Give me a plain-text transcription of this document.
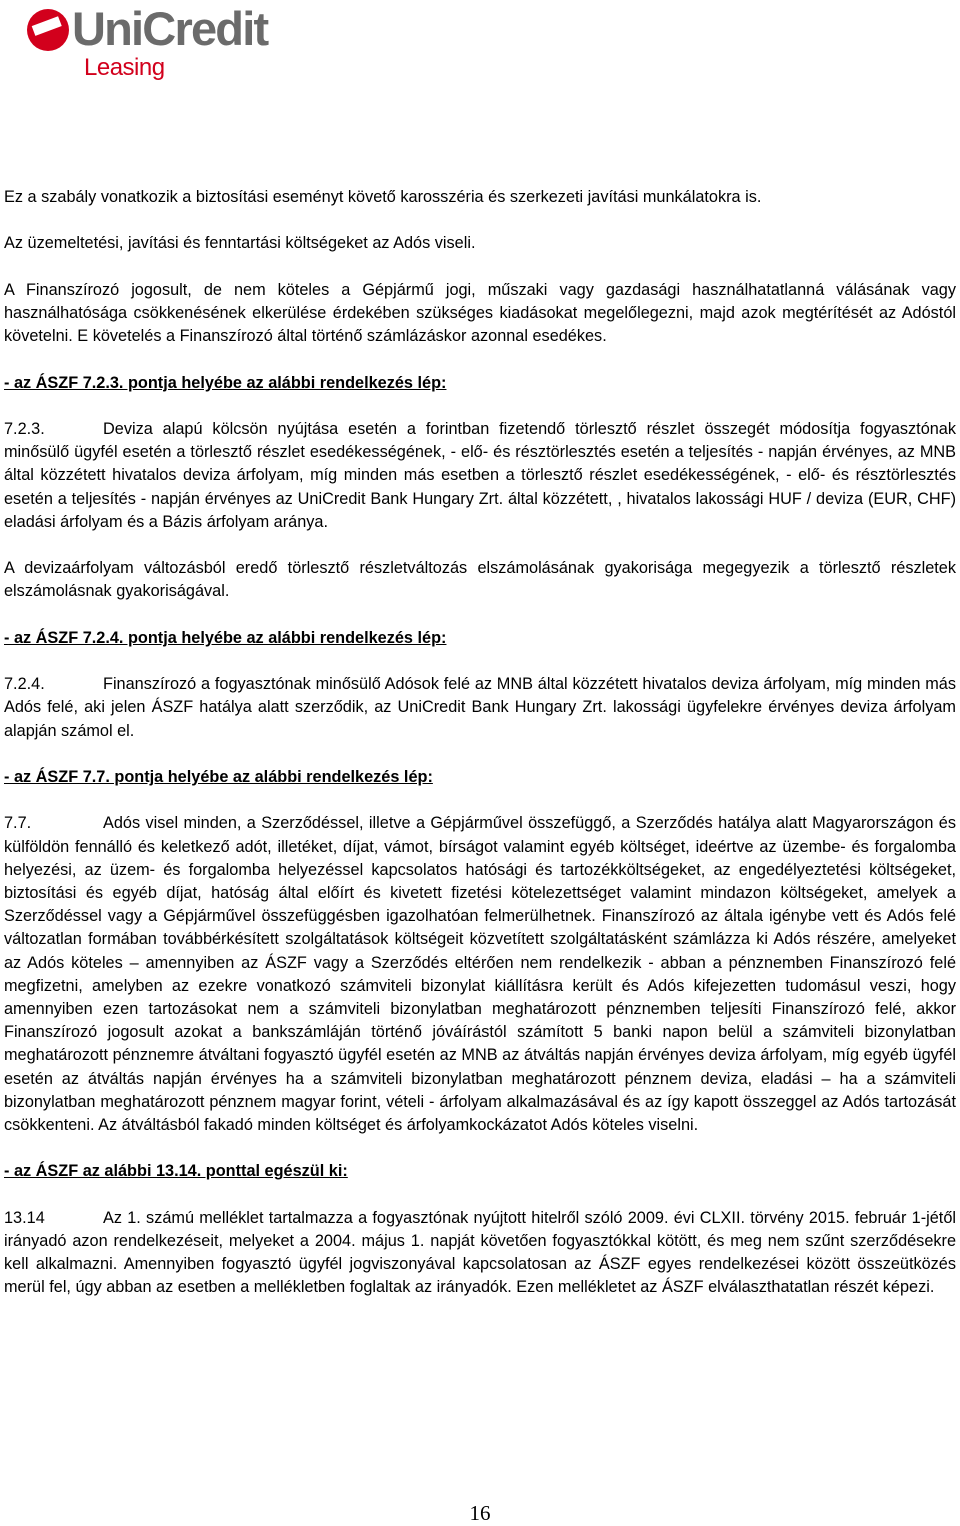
UniCredit
Leasing

Ez a szabály vonatkozik a biztosítási eseményt követő karosszéria és szerkezeti javítási munkálatokra is.

Az üzemeltetési, javítási és fenntartási költségeket az Adós viseli.

A Finanszírozó jogosult, de nem köteles a Gépjármű jogi, műszaki vagy gazdasági használhatatlanná válásának vagy használhatósága csökkenésének elkerülése érdekében szükséges kiadásokat megelőlegezni, majd azok megtérítését az Adóstól követelni. E követelés a Finanszírozó által történő számlázáskor azonnal esedékes.

- az ÁSZF 7.2.3. pontja helyébe az alábbi rendelkezés lép:

7.2.3.	Deviza alapú kölcsön nyújtása esetén a forintban fizetendő törlesztő részlet összegét módosítja fogyasztónak minősülő ügyfél esetén a törlesztő részlet esedékességének, - elő- és résztörlesztés esetén a teljesítés - napján érvényes, az MNB által közzétett hivatalos deviza árfolyam, míg minden más esetben a törlesztő részlet esedékességének, - elő- és résztörlesztés esetén a teljesítés - napján érvényes az UniCredit Bank Hungary Zrt. által közzétett, , hivatalos lakossági HUF / deviza (EUR, CHF) eladási árfolyam és a Bázis árfolyam aránya.

A devizaárfolyam változásból eredő törlesztő részletváltozás elszámolásának gyakorisága megegyezik a törlesztő részletek elszámolásnak gyakoriságával.

- az ÁSZF 7.2.4. pontja helyébe az alábbi rendelkezés lép:

7.2.4.	Finanszírozó a fogyasztónak minősülő Adósok felé az MNB által közzétett hivatalos deviza árfolyam, míg minden más Adós felé, aki jelen ÁSZF hatálya alatt szerződik, az UniCredit Bank Hungary Zrt. lakossági ügyfelekre érvényes deviza árfolyam alapján számol el.

- az ÁSZF 7.7. pontja helyébe az alábbi rendelkezés lép:

7.7.	Adós visel minden, a Szerződéssel, illetve a Gépjárművel összefüggő, a Szerződés hatálya alatt Magyarországon és külföldön fennálló és keletkező adót, illetéket, díjat, vámot, bírságot valamint egyéb költséget, ideértve az üzembe- és forgalomba helyezési, az üzem- és forgalomba helyezéssel kapcsolatos hatósági és tartozékköltségeket, az engedélyeztetési költségeket, biztosítási és egyéb díjat, hatóság által előírt és kivetett fizetési kötelezettséget valamint mindazon költségeket, amelyek a Szerződéssel vagy a Gépjárművel összefüggésben igazolhatóan felmerülhetnek. Finanszírozó az általa igénybe vett és Adós felé változatlan formában továbbérkésített szolgáltatások költségeit közvetített szolgáltatásként számlázza ki Adós részére, amelyeket az Adós köteles – amennyiben az ÁSZF vagy a Szerződés eltérően nem rendelkezik - abban a pénznemben Finanszírozó felé megfizetni, amelyben az ezekre vonatkozó számviteli bizonylat kiállításra került és Adós kifejezetten tudomásul veszi, hogy amennyiben ezen tartozásokat nem a számviteli bizonylatban meghatározott pénznemben teljesíti Finanszírozó felé, akkor Finanszírozó jogosult azokat a bankszámláján történő jóváírástól számított 5 banki napon belül a számviteli bizonylatban meghatározott pénznemre átváltani fogyasztó ügyfél esetén az MNB az átváltás napján érvényes deviza árfolyam, míg egyéb ügyfél esetén az átváltás napján érvényes ha a számviteli bizonylatban meghatározott pénznem deviza, eladási – ha a számviteli bizonylatban meghatározott pénznem magyar forint, vételi - árfolyam alkalmazásával és az így kapott összeggel az Adós tartozását csökkenteni. Az átváltásból fakadó minden költséget és árfolyamkockázatot Adós köteles viselni.

- az ÁSZF az alábbi 13.14. ponttal egészül ki:

13.14	Az 1. számú melléklet tartalmazza a fogyasztónak nyújtott hitelről szóló 2009. évi CLXII. törvény 2015. február 1-jétől irányadó azon rendelkezéseit, melyeket a 2004. május 1. napját követően fogyasztókkal kötött, és meg nem szűnt szerződésekre kell alkalmazni. Amennyiben fogyasztó ügyfél jogviszonyával kapcsolatosan az ÁSZF egyes rendelkezései között összeütközés merül fel, úgy abban az esetben a mellékletben foglaltak az irányadók. Ezen mellékletet az ÁSZF elválaszthatatlan részét képezi.

16
